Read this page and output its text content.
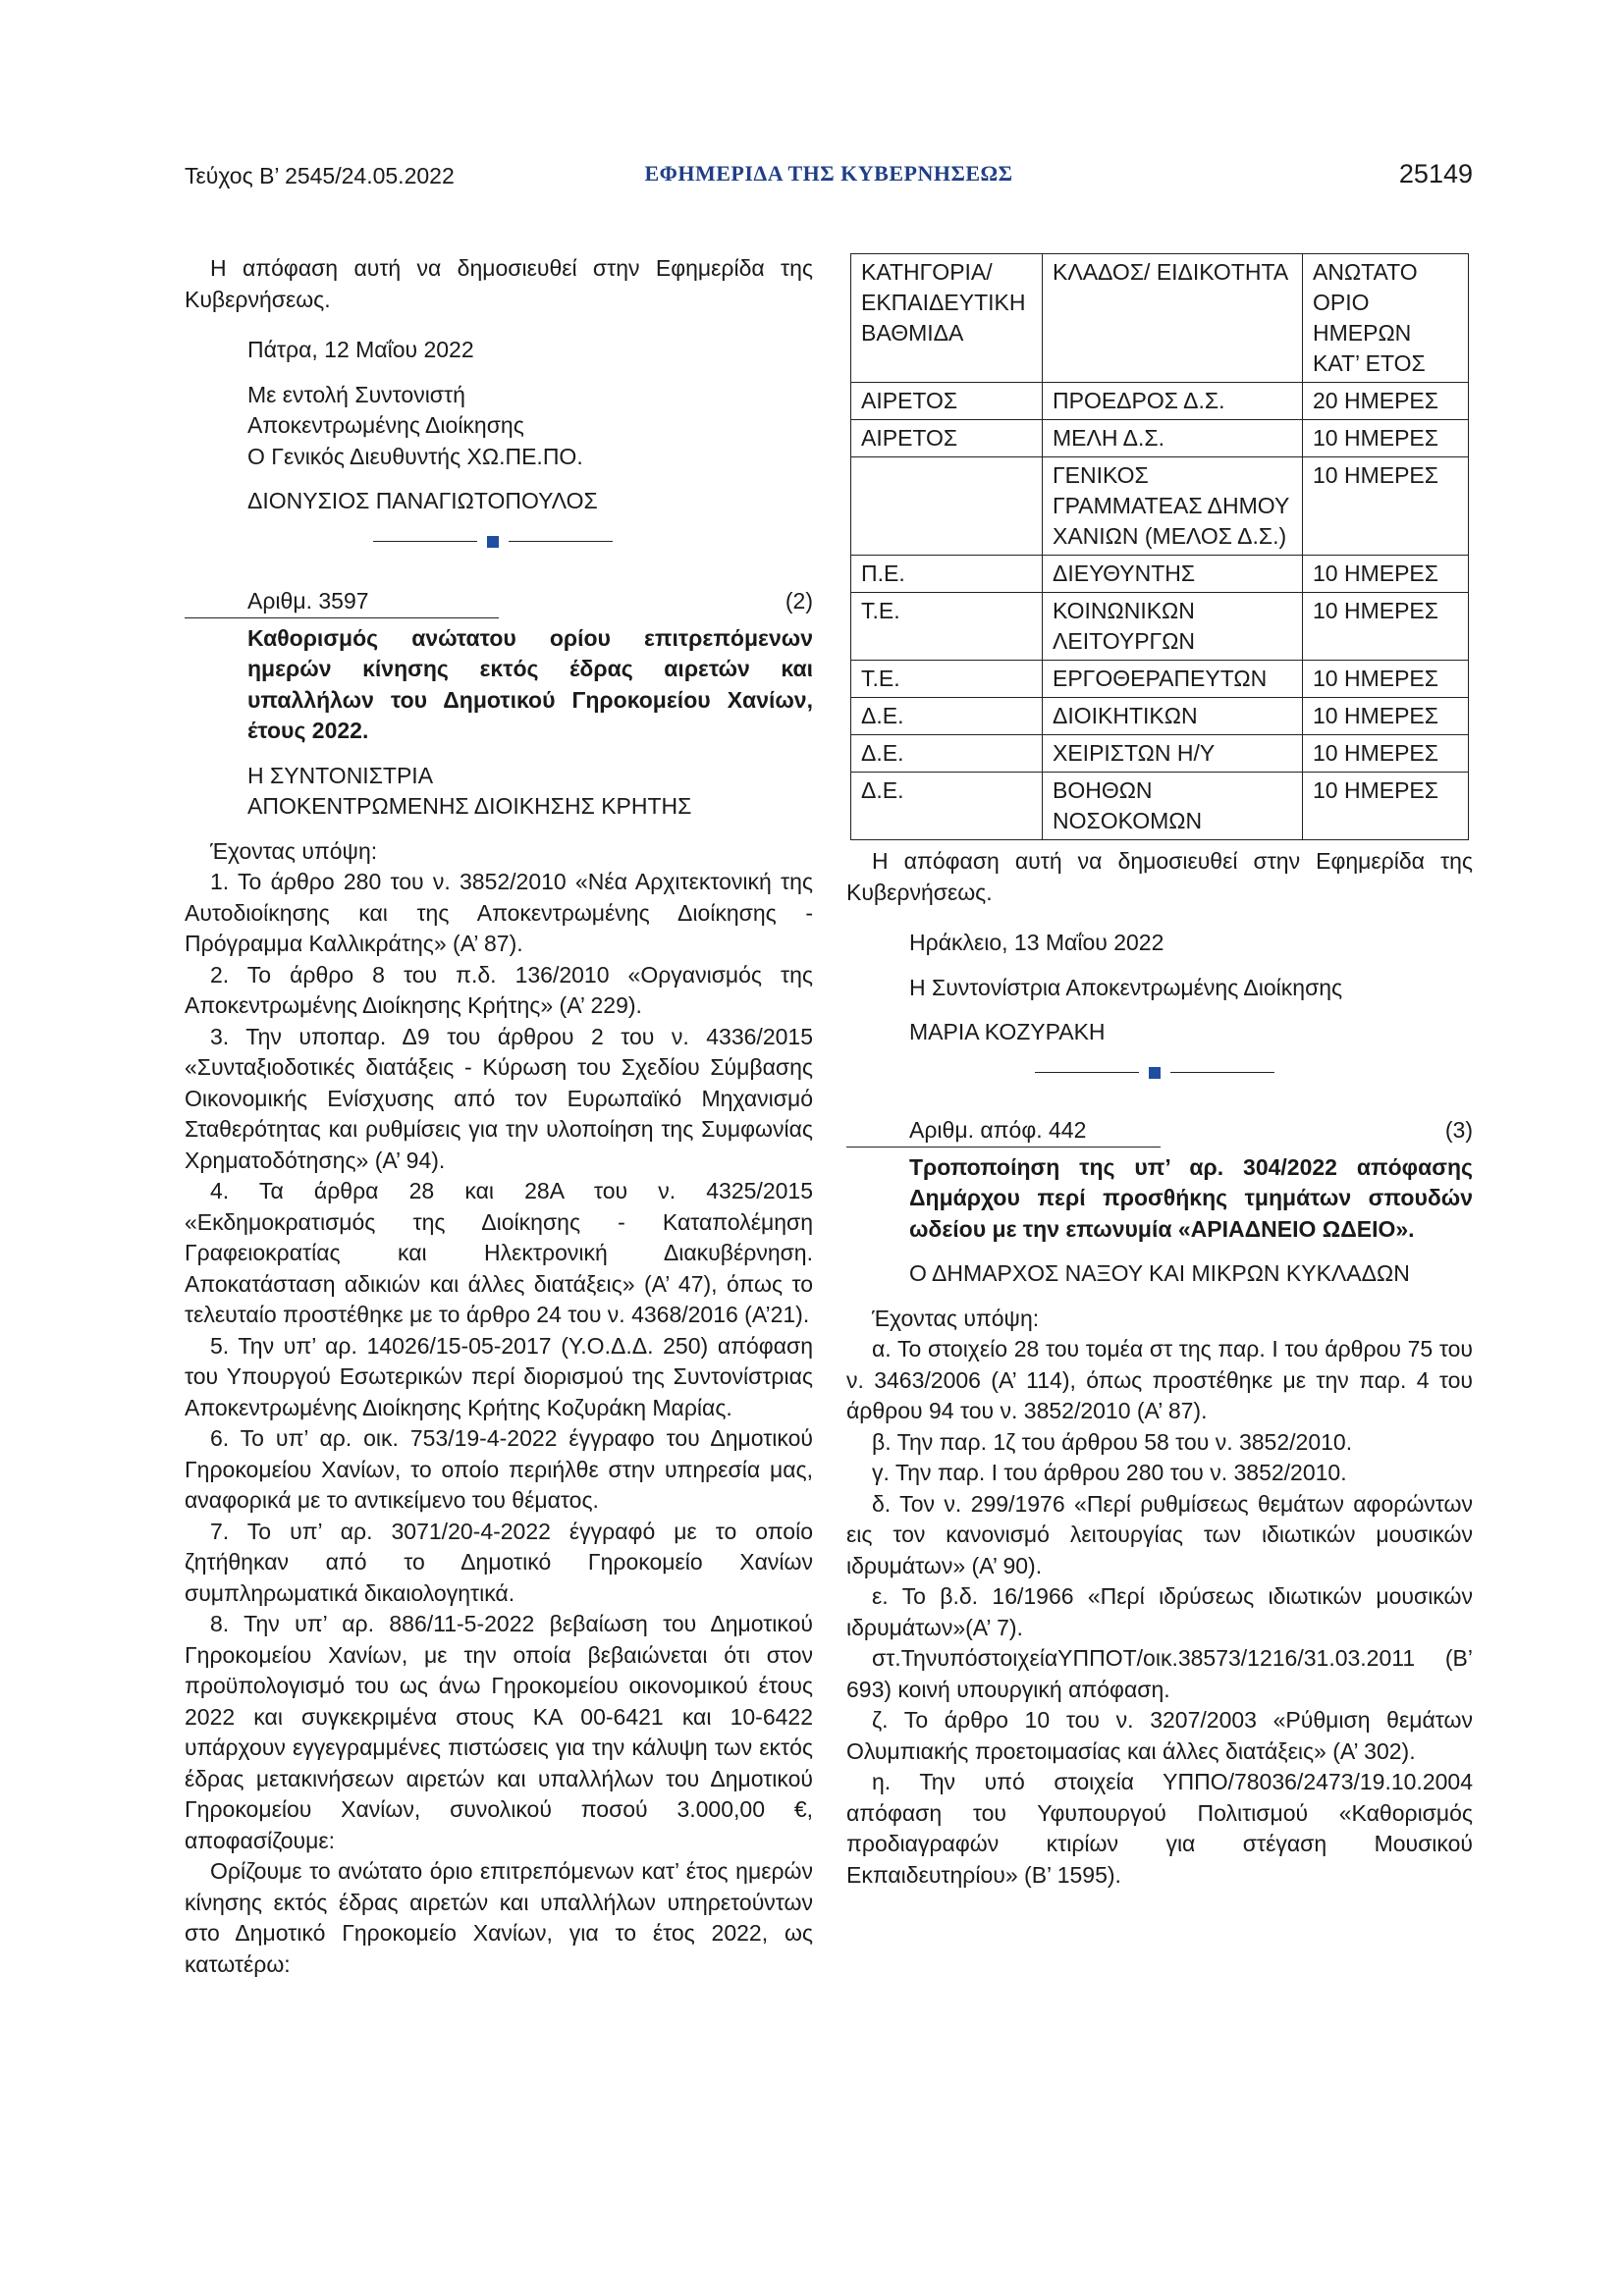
Τεύχος Β’ 2545/24.05.2022	ΕΦΗΜΕΡΙΔΑ ΤΗΣ ΚΥΒΕΡΝΗΣΕΩΣ	25149

Η απόφαση αυτή να δημοσιευθεί στην Εφημερίδα της Κυβερνήσεως.

Πάτρα, 12 Μαΐου 2022

Με εντολή Συντονιστή

Αποκεντρωμένης Διοίκησης

Ο Γενικός Διευθυντής ΧΩ.ΠΕ.ΠΟ.

ΔΙΟΝΥΣΙΟΣ ΠΑΝΑΓΙΩΤΟΠΟΥΛΟΣ

Αριθμ. 3597	(2)

Καθορισμός ανώτατου ορίου επιτρεπόμενων ημερών κίνησης εκτός έδρας αιρετών και υπαλλήλων του Δημοτικού Γηροκομείου Χανίων, έτους 2022.

Η ΣΥΝΤΟΝΙΣΤΡΙΑ

ΑΠΟΚΕΝΤΡΩΜΕΝΗΣ ΔΙΟΙΚΗΣΗΣ ΚΡΗΤΗΣ

Έχοντας υπόψη:

1. Το άρθρο 280 του ν. 3852/2010 «Νέα Αρχιτεκτονική της Αυτοδιοίκησης και της Αποκεντρωμένης Διοίκησης - Πρόγραμμα Καλλικράτης» (Α’ 87).

2. Το άρθρο 8 του π.δ. 136/2010 «Οργανισμός της Αποκεντρωμένης Διοίκησης Κρήτης» (Α’ 229).

3. Την υποπαρ. Δ9 του άρθρου 2 του ν. 4336/2015 «Συνταξιοδοτικές διατάξεις - Κύρωση του Σχεδίου Σύμβασης Οικονομικής Ενίσχυσης από τον Ευρωπαϊκό Μηχανισμό Σταθερότητας και ρυθμίσεις για την υλοποίηση της Συμφωνίας Χρηματοδότησης» (Α’ 94).

4. Τα άρθρα 28 και 28Α του ν. 4325/2015 «Εκδημοκρατισμός της Διοίκησης - Καταπολέμηση Γραφειοκρατίας και Ηλεκτρονική Διακυβέρνηση. Αποκατάσταση αδικιών και άλλες διατάξεις» (Α’ 47), όπως το τελευταίο προστέθηκε με το άρθρο 24 του ν. 4368/2016 (Α’21).

5. Την υπ’ αρ. 14026/15-05-2017 (Υ.Ο.Δ.Δ. 250) απόφαση του Υπουργού Εσωτερικών περί διορισμού της Συντονίστριας Αποκεντρωμένης Διοίκησης Κρήτης Κοζυράκη Μαρίας.

6. Το υπ’ αρ. οικ. 753/19-4-2022 έγγραφο του Δημοτικού Γηροκομείου Χανίων, το οποίο περιήλθε στην υπηρεσία μας, αναφορικά με το αντικείμενο του θέματος.

7. Το υπ’ αρ. 3071/20-4-2022 έγγραφό με το οποίο ζητήθηκαν από το Δημοτικό Γηροκομείο Χανίων συμπληρωματικά δικαιολογητικά.

8. Την υπ’ αρ. 886/11-5-2022 βεβαίωση του Δημοτικού Γηροκομείου Χανίων, με την οποία βεβαιώνεται ότι στον προϋπολογισμό του ως άνω Γηροκομείου οικονομικού έτους 2022 και συγκεκριμένα στους ΚΑ 00-6421 και 10-6422 υπάρχουν εγγεγραμμένες πιστώσεις για την κάλυψη των εκτός έδρας μετακινήσεων αιρετών και υπαλλήλων του Δημοτικού Γηροκομείου Χανίων, συνολικού ποσού 3.000,00 €, αποφασίζουμε:

Ορίζουμε το ανώτατο όριο επιτρεπόμενων κατ’ έτος ημερών κίνησης εκτός έδρας αιρετών και υπαλλήλων υπηρετούντων στο Δημοτικό Γηροκομείο Χανίων, για το έτος 2022, ως κατωτέρω:

ΚΑΤΗΓΟΡΙΑ/ ΕΚΠΑΙΔΕΥΤΙΚΗ ΒΑΘΜΙΔΑ	ΚΛΑΔΟΣ/ ΕΙΔΙΚΟΤΗΤΑ	ΑΝΩΤΑΤΟ ΟΡΙΟ ΗΜΕΡΩΝ ΚΑΤ’ ΕΤΟΣ
ΑΙΡΕΤΟΣ	ΠΡΟΕΔΡΟΣ Δ.Σ.	20 ΗΜΕΡΕΣ
ΑΙΡΕΤΟΣ	ΜΕΛΗ Δ.Σ.	10 ΗΜΕΡΕΣ
	ΓΕΝΙΚΟΣ ΓΡΑΜΜΑΤΕΑΣ ΔΗΜΟΥ ΧΑΝΙΩΝ (ΜΕΛΟΣ Δ.Σ.)	10 ΗΜΕΡΕΣ
Π.Ε.	ΔΙΕΥΘΥΝΤΗΣ	10 ΗΜΕΡΕΣ
Τ.Ε.	ΚΟΙΝΩΝΙΚΩΝ ΛΕΙΤΟΥΡΓΩΝ	10 ΗΜΕΡΕΣ
Τ.Ε.	ΕΡΓΟΘΕΡΑΠΕΥΤΩΝ	10 ΗΜΕΡΕΣ
Δ.Ε.	ΔΙΟΙΚΗΤΙΚΩΝ	10 ΗΜΕΡΕΣ
Δ.Ε.	ΧΕΙΡΙΣΤΩΝ Η/Υ	10 ΗΜΕΡΕΣ
Δ.Ε.	ΒΟΗΘΩΝ ΝΟΣΟΚΟΜΩΝ	10 ΗΜΕΡΕΣ

Η απόφαση αυτή να δημοσιευθεί στην Εφημερίδα της Κυβερνήσεως.

Ηράκλειο, 13 Μαΐου 2022

Η Συντονίστρια Αποκεντρωμένης Διοίκησης

ΜΑΡΙΑ ΚΟΖΥΡΑΚΗ

Αριθμ. απόφ. 442	(3)

Τροποποίηση της υπ’ αρ. 304/2022 απόφασης Δημάρχου περί προσθήκης τμημάτων σπουδών ωδείου με την επωνυμία «ΑΡΙΑΔΝΕΙΟ ΩΔΕΙΟ».

Ο ΔΗΜΑΡΧΟΣ ΝΑΞΟΥ ΚΑΙ ΜΙΚΡΩΝ ΚΥΚΛΑΔΩΝ

Έχοντας υπόψη:

α. Το στοιχείο 28 του τομέα στ της παρ. Ι του άρθρου 75 του ν. 3463/2006 (Α’ 114), όπως προστέθηκε με την παρ. 4 του άρθρου 94 του ν. 3852/2010 (Α’ 87).

β. Την παρ. 1ζ του άρθρου 58 του ν. 3852/2010.

γ. Την παρ. Ι του άρθρου 280 του ν. 3852/2010.

δ. Τον ν. 299/1976 «Περί ρυθμίσεως θεμάτων αφορώντων εις τον κανονισμό λειτουργίας των ιδιωτικών μουσικών ιδρυμάτων» (Α’ 90).

ε. Το β.δ. 16/1966 «Περί ιδρύσεως ιδιωτικών μουσικών ιδρυμάτων»(Α’ 7).

στ.ΤηνυπόστοιχείαΥΠΠΟΤ/οικ.38573/1216/31.03.2011 (Β’ 693) κοινή υπουργική απόφαση.

ζ. Το άρθρο 10 του ν. 3207/2003 «Ρύθμιση θεμάτων Ολυμπιακής προετοιμασίας και άλλες διατάξεις» (Α’ 302).

η. Την υπό στοιχεία ΥΠΠΟ/78036/2473/19.10.2004 απόφαση του Υφυπουργού Πολιτισμού «Καθορισμός προδιαγραφών κτιρίων για στέγαση Μουσικού Εκπαιδευτηρίου» (Β’ 1595).
